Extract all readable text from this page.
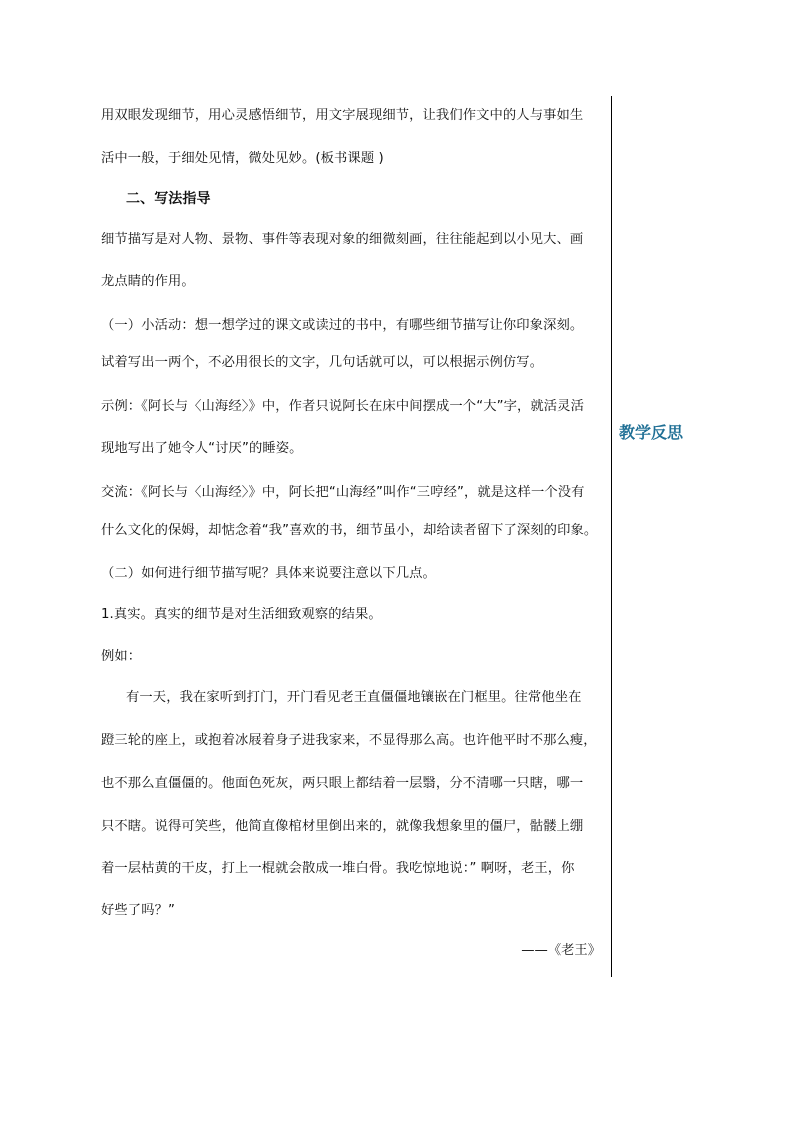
用双眼发现细节，用心灵感悟细节，用文字展现细节，让我们作文中的人与事如生
活中一般，于细处见情，微处见妙。(板书课题 )
二、写法指导
细节描写是对人物、景物、事件等表现对象的细微刻画，往往能起到以小见大、画
龙点睛的作用。
（一）小活动：想一想学过的课文或读过的书中，有哪些细节描写让你印象深刻。
试着写出一两个，不必用很长的文字，几句话就可以，可以根据示例仿写。
示例：《阿长与〈山海经〉》中，作者只说阿长在床中间摆成一个“大”字，就活灵活
现地写出了她令人“讨厌”的睡姿。
交流：《阿长与〈山海经〉》中，阿长把“山海经”叫作“三哼经”，就是这样一个没有
什么文化的保姆，却惦念着“我”喜欢的书，细节虽小，却给读者留下了深刻的印象。
（二）如何进行细节描写呢？具体来说要注意以下几点。
1.真实。真实的细节是对生活细致观察的结果。
例如：
有一天，我在家听到打门，开门看见老王直僵僵地镶嵌在门框里。往常他坐在
蹬三轮的座上，或抱着冰屐着身子进我家来，不显得那么高。也许他平时不那么瘦，
也不那么直僵僵的。他面色死灰，两只眼上都结着一层翳，分不清哪一只瞎，哪一
只不瞎。说得可笑些，他简直像棺材里倒出来的，就像我想象里的僵尸，骷髅上绷
着一层枯黄的干皮，打上一棍就会散成一堆白骨。我吃惊地说：” 啊呀，老王，你
好些了吗？”
——《老王》
教学反思
